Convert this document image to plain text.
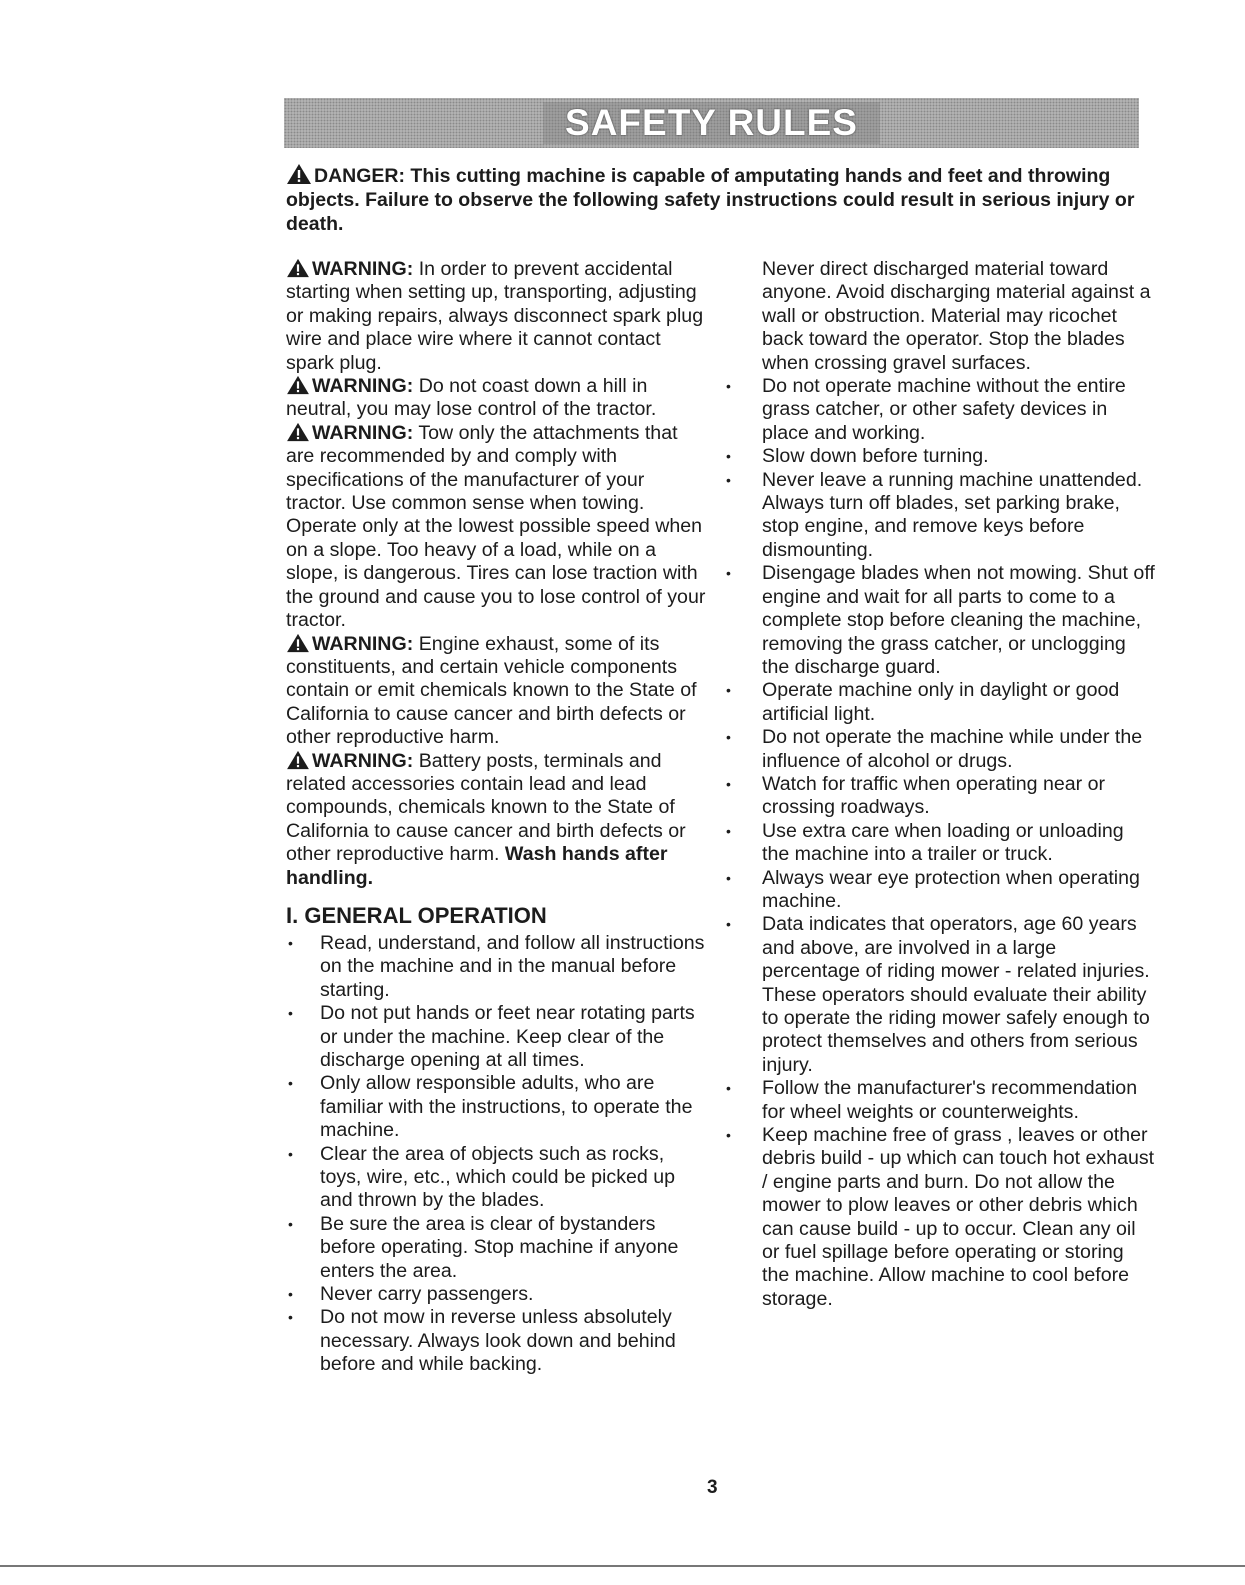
SAFETY RULES

DANGER: This cutting machine is capable of amputating hands and feet and throwing objects. Failure to observe the following safety instructions could result in serious injury or death.

WARNING: In order to prevent accidental starting when setting up, transporting, adjusting or making repairs, always disconnect spark plug wire and place wire where it cannot contact spark plug.

WARNING: Do not coast down a hill in neutral, you may lose control of the tractor.

WARNING: Tow only the attachments that are recommended by and comply with specifications of the manufacturer of your tractor. Use common sense when towing. Operate only at the lowest possible speed when on a slope. Too heavy of a load, while on a slope, is dangerous. Tires can lose traction with the ground and cause you to lose control of your tractor.

WARNING: Engine exhaust, some of its constituents, and certain vehicle components contain or emit chemicals known to the State of California to cause cancer and birth defects or other reproductive harm.

WARNING: Battery posts, terminals and related accessories contain lead and lead compounds, chemicals known to the State of California to cause cancer and birth defects or other reproductive harm. Wash hands after handling.

I. GENERAL OPERATION
• Read, understand, and follow all instructions on the machine and in the manual before starting.
• Do not put hands or feet near rotating parts or under the machine. Keep clear of the discharge opening at all times.
• Only allow responsible adults, who are familiar with the instructions, to operate the machine.
• Clear the area of objects such as rocks, toys, wire, etc., which could be picked up and thrown by the blades.
• Be sure the area is clear of bystanders before operating. Stop machine if anyone enters the area.
• Never carry passengers.
• Do not mow in reverse unless absolutely necessary. Always look down and behind before and while backing.

Never direct discharged material toward anyone. Avoid discharging material against a wall or obstruction. Material may ricochet back toward the operator. Stop the blades when crossing gravel surfaces.

• Do not operate machine without the entire grass catcher, or other safety devices in place and working.
• Slow down before turning.
• Never leave a running machine unattended. Always turn off blades, set parking brake, stop engine, and remove keys before dismounting.
• Disengage blades when not mowing. Shut off engine and wait for all parts to come to a complete stop before cleaning the machine, removing the grass catcher, or unclogging the discharge guard.
• Operate machine only in daylight or good artificial light.
• Do not operate the machine while under the influence of alcohol or drugs.
• Watch for traffic when operating near or crossing roadways.
• Use extra care when loading or unloading the machine into a trailer or truck.
• Always wear eye protection when operating machine.
• Data indicates that operators, age 60 years and above, are involved in a large percentage of riding mower - related injuries. These operators should evaluate their ability to operate the riding mower safely enough to protect themselves and others from serious injury.
• Follow the manufacturer's recommendation for wheel weights or counterweights.
• Keep machine free of grass , leaves or other debris build - up which can touch hot exhaust / engine parts and burn. Do not allow the mower to plow leaves or other debris which can cause build - up to occur. Clean any oil or fuel spillage before operating or storing the machine. Allow machine to cool before storage.
3
